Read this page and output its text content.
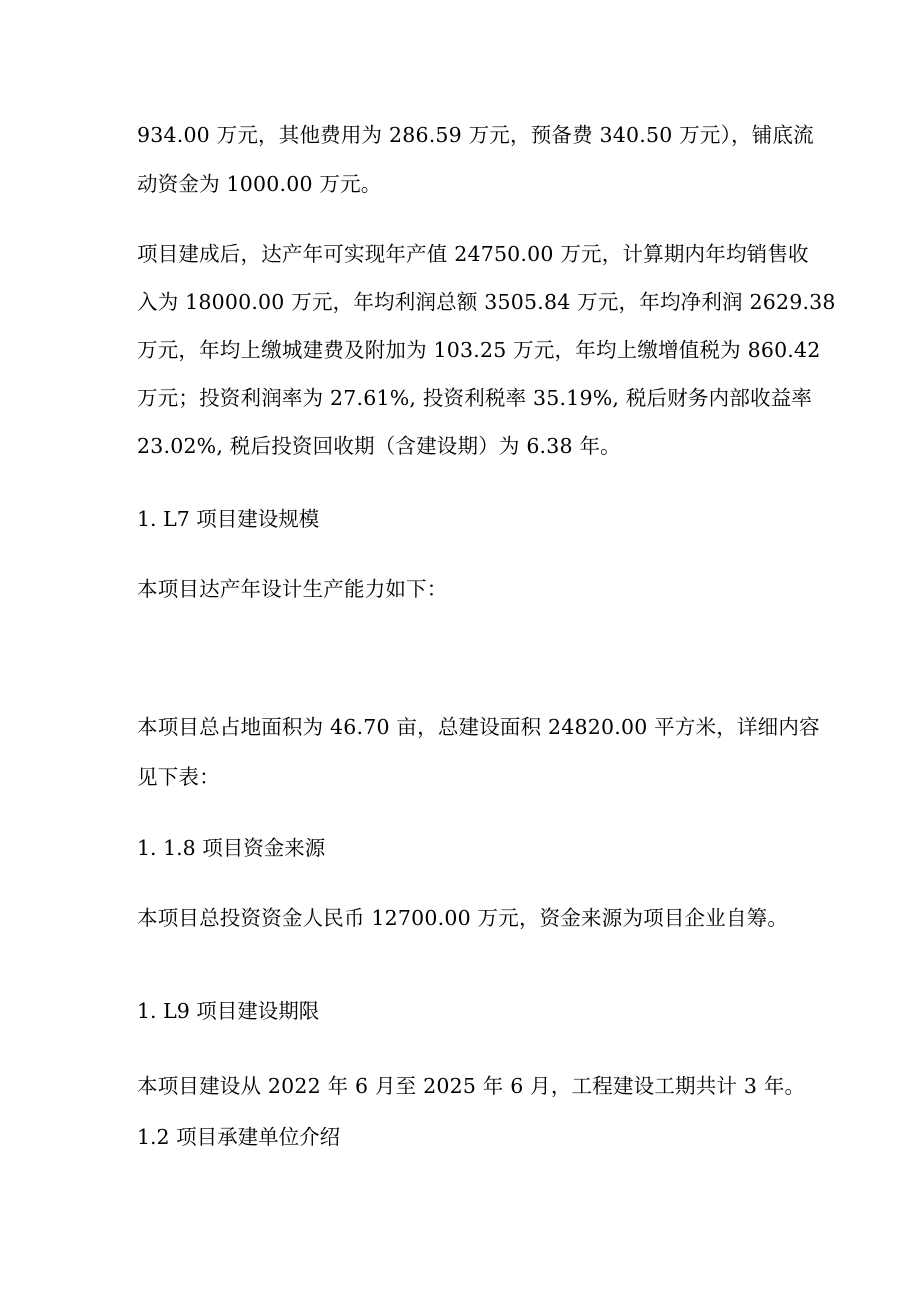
934.00 万元，其他费用为 286.59 万元，预备费 340.50 万元），铺底流
动资金为 1000.00 万元。
项目建成后，达产年可实现年产值 24750.00 万元，计算期内年均销售收
入为 18000.00 万元，年均利润总额 3505.84 万元，年均净利润 2629.38
万元，年均上缴城建费及附加为 103.25 万元，年均上缴增值税为 860.42
万元；投资利润率为 27.61%, 投资利税率 35.19%, 税后财务内部收益率
23.02%, 税后投资回收期（含建设期）为 6.38 年。
1. L7 项目建设规模
本项目达产年设计生产能力如下：
本项目总占地面积为 46.70 亩，总建设面积 24820.00 平方米，详细内容
见下表：
1. 1.8 项目资金来源
本项目总投资资金人民币 12700.00 万元，资金来源为项目企业自筹。
1. L9 项目建设期限
本项目建设从 2022 年 6 月至 2025 年 6 月，工程建设工期共计 3 年。
1.2 项目承建单位介绍
